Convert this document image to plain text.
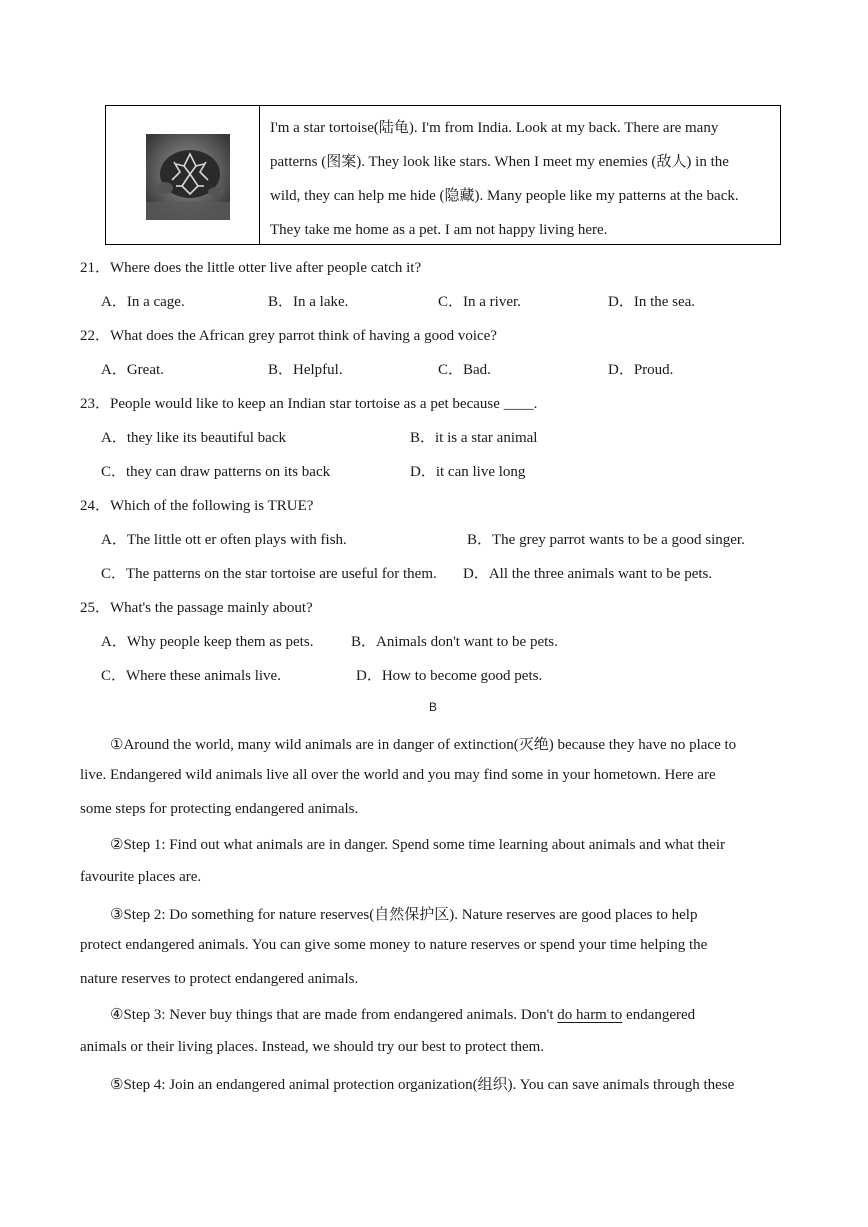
I'm a star tortoise(陆龟). I'm from India. Look at my back. There are many
patterns (图案). They look like stars. When I meet my enemies (敌人) in the
wild, they can help me hide (隐藏). Many people like my patterns at the back.
They take me home as a pet. I am not happy living here.
21．Where does the little otter live after people catch it?
A．In a cage.	B．In a lake.	C．In a river.	D．In the sea.
22．What does the African grey parrot think of having a good voice?
A．Great.	B．Helpful.	C．Bad.	D．Proud.
23．People would like to keep an Indian star tortoise as a pet because ____.
A．they like its beautiful back	B．it is a star animal
C．they can draw patterns on its back	D．it can live long
24．Which of the following is TRUE?
A．The little ott er often plays with fish.	B．The grey parrot wants to be a good singer.
C．The patterns on the star tortoise are useful for them. D．All the three animals want to be pets.
25．What's the passage mainly about?
A．Why people keep them as pets.	B．Animals don't want to be pets.
C．Where these animals live.	D．How to become good pets.
B
①Around the world, many wild animals are in danger of extinction(灭绝) because they have no place to
live. Endangered wild animals live all over the world and you may find some in your hometown. Here are
some steps for protecting endangered animals.
②Step 1: Find out what animals are in danger. Spend some time learning about animals and what their
favourite places are.
③Step 2: Do something for nature reserves(自然保护区). Nature reserves are good places to help
protect endangered animals. You can give some money to nature reserves or spend your time helping the
nature reserves to protect endangered animals.
④Step 3: Never buy things that are made from endangered animals. Don't do harm to endangered
animals or their living places. Instead, we should try our best to protect them.
⑤Step 4: Join an endangered animal protection organization(组织). You can save animals through these
